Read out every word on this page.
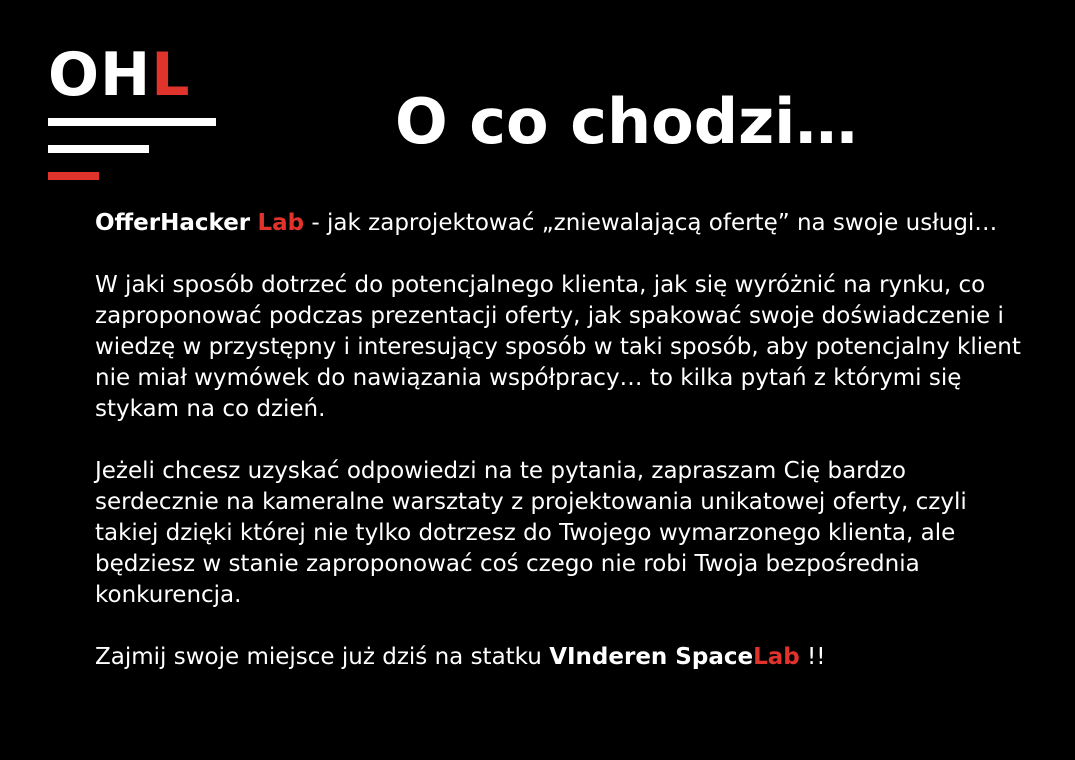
OHL
O co chodzi…

OfferHacker Lab - jak zaprojektować „zniewalającą ofertę” na swoje usługi…

W jaki sposób dotrzeć do potencjalnego klienta, jak się wyróżnić na rynku, co zaproponować podczas prezentacji oferty, jak spakować swoje doświadczenie i wiedzę w przystępny i interesujący sposób w taki sposób, aby potencjalny klient nie miał wymówek do nawiązania współpracy… to kilka pytań z którymi się stykam na co dzień.

Jeżeli chcesz uzyskać odpowiedzi na te pytania, zapraszam Cię bardzo serdecznie na kameralne warsztaty z projektowania unikatowej oferty, czyli takiej dzięki której nie tylko dotrzesz do Twojego wymarzonego klienta, ale będziesz w stanie zaproponować coś czego nie robi Twoja bezpośrednia konkurencja.

Zajmij swoje miejsce już dziś na statku VInderen SpaceLab !!
